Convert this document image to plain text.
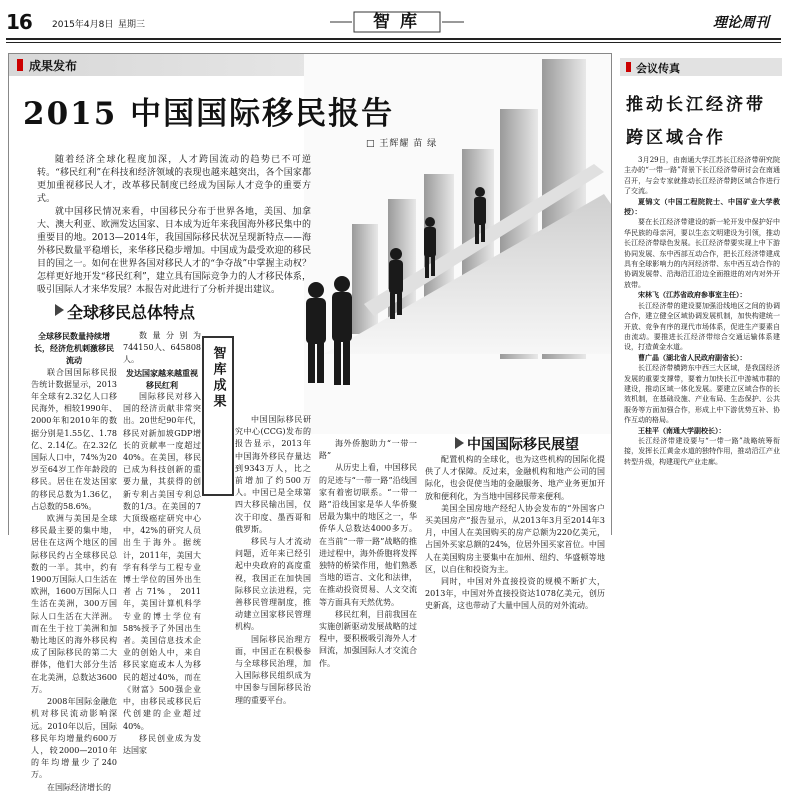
16 2015年4月8日 星期三	智 库	理论周刊
成果发布
2015 中国国际移民报告
□ 王辉耀 苗 绿

随着经济全球化程度加深，人才跨国流动的趋势已不可逆转。“移民红利”在科技和经济领域的表现也越来越突出，各个国家都更加重视移民人才，改革移民制度已经成为国际人才竞争的重要方式。

就中国移民情况来看，中国移民分布于世界各地，美国、加拿大、澳大利亚、欧洲发达国家、日本成为近年来我国海外移民集中的重要目的地。2013—2014年，我国国际移民状况呈现新特点——海外移民数量平稳增长，来华移民稳步增加。中国成为最受欢迎的移民目的国之一。如何在世界各国对移民人才的“争夺战”中掌握主动权？怎样更好地开发“移民红利”，建立具有国际竞争力的人才移民体系，吸引国际人才来华发展？本报告对此进行了分析并提出建议。

全球移民总体特点
中国国际移民展望

全球移民数量持续增长，经济危机刺激移民流动

联合国国际移民报告统计数据显示，2013年全球有2.32亿人口移民海外，相较1990年、2000年和2010年的数据分别是1.55亿、1.78亿、2.14亿。在2.32亿国际人口中，74%为20岁至64岁工作年龄段的移民。居住在发达国家的移民总数为1.36亿，占总数的58.6%。

欧洲与美国是全球移民最主要的集中地，居住在这两个地区的国际移民约占全球移民总数的一半。其中，约有1900万国际人口生活在欧洲，1600万国际人口生活在美洲，300万国际人口生活在大洋洲。而在生于拉丁美洲和加勒比地区的海外移民构成了国际移民的第二大群体，他们大部分生活在北美洲，总数达3600万。

2008年国际金融危机对移民流动影响深远。2010年以后，国际移民年均增量约600万人，较2000—2010年的年均增量少了240万。

在国际经济增长的

数量分别为744150人、645808人。

发达国家越来越重视移民红利

国际移民对移入国的经济贡献非常突出。20世纪90年代，移民对新加坡GDP增长的贡献率一度超过40%。在美国，移民已成为科技创新的重要力量，其获得的创新专利占美国专利总数的1/3。在美国的7大顶级癌症研究中心中，42%的研究人员出生于海外。据统计，2011年，美国大学有科学与工程专业博士学位的国外出生者占71%，2011年，美国计算机科学专业的博士学位有58%授予了外国出生者。美国信息技术企业的创始人中，来自移民家庭或本人为移民的超过40%，而在《财富》500强企业中，由移民或移民后代创建的企业超过40%。

移民创业成为发达国家

智库成果

中国国际移民研究中心(CCG)发布的报告显示，2013年中国海外移民存量达到9343万人，比之前增加了约500万人。中国已是全球第四大移民输出国，仅次于印度、墨西哥和俄罗斯。

移民与人才流动问题，近年来已经引起中央政府的高度重视，我国正在加快国际移民立法进程，完善移民管理制度，推动建立国家移民管理机构。

国际移民治理方面，中国正在积极参与全球移民治理，加入国际移民组织成为中国参与国际移民治理的重要平台。

海外侨胞助力“一带一路”

从历史上看，中国移民的足迹与“一带一路”沿线国家有着密切联系。“一带一路”沿线国家是华人华侨聚居最为集中的地区之一，华侨华人总数达4000多万。在当前“一带一路”战略的推进过程中，海外侨胞将发挥独特的桥梁作用，他们熟悉当地的语言、文化和法律，在推动投资贸易、人文交流等方面具有天然优势。

移民红利，目前我国在实施创新驱动发展战略的过程中，要积极吸引海外人才回流，加强国际人才交流合作。

配置机构的全球化，也为这些机构的国际化提供了人才保障。反过来，金融机构和地产公司的国际化，也会促使当地的金融服务、地产业务更加开放和便利化，为当地中国移民带来便利。

美国全国房地产经纪人协会发布的“外国客户买美国房产”报告显示，从2013年3月至2014年3月，中国人在美国购买的房产总额为220亿美元，占国外买家总额的24%，位居外国买家首位。中国人在美国购房主要集中在加州、纽约、华盛顿等地区，以自住和投资为主。

同时，中国对外直接投资的规模不断扩大，2013年，中国对外直接投资达1078亿美元，创历史新高，这也带动了大量中国人员的对外流动。

会议传真
推动长江经济带
跨区域合作

3月29日，由南通大学江苏长江经济带研究院主办的“一带一路”背景下长江经济带研讨会在南通召开，与会专家就推动长江经济带跨区域合作进行了交流。

夏锦文（中国工程院院士、中国矿业大学教授）：

要在长江经济带建设的新一轮开发中保护好中华民族的母亲河，要以生态文明建设为引领，推动长江经济带绿色发展。长江经济带要实现上中下游协同发展、东中西部互动合作，把长江经济带建成具有全球影响力的内河经济带、东中西互动合作的协调发展带、沿海沿江沿边全面推进的对内对外开放带。

宋林飞（江苏省政府参事室主任）：

长江经济带的建设要加强沿线地区之间的协调合作，建立健全区域协调发展机制，加快构建统一开放、竞争有序的现代市场体系，促进生产要素自由流动。要推进长江经济带综合交通运输体系建设，打造黄金水道。

曹广晶（湖北省人民政府副省长）：

长江经济带横跨东中西三大区域，是我国经济发展的重要支撑带，要着力加快长江中游城市群的建设，推动区域一体化发展。要建立区域合作的长效机制，在基础设施、产业布局、生态保护、公共服务等方面加强合作，形成上中下游优势互补、协作互动的格局。

王桂平（南通大学副校长）：

长江经济带建设要与“一带一路”战略统筹衔接，发挥长江黄金水道的独特作用，推动沿江产业转型升级，构建现代产业走廊。
